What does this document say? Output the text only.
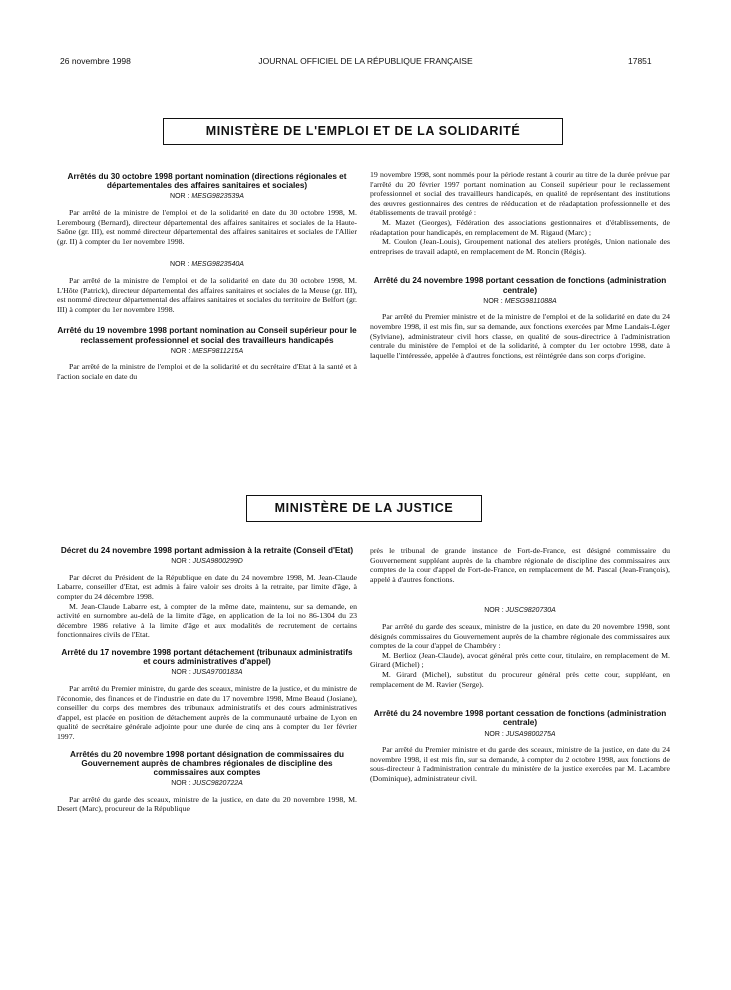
26 novembre 1998	JOURNAL OFFICIEL DE LA RÉPUBLIQUE FRANÇAISE	17851
MINISTÈRE DE L'EMPLOI ET DE LA SOLIDARITÉ
Arrêtés du 30 octobre 1998 portant nomination (directions régionales et départementales des affaires sanitaires et sociales)
NOR : MESG9823539A

Par arrêté de la ministre de l'emploi et de la solidarité en date du 30 octobre 1998, M. Lerembourg (Bernard), directeur départemental des affaires sanitaires et sociales de la Haute-Saône (gr. III), est nommé directeur départemental des affaires sanitaires et sociales de l'Allier (gr. II) à compter du 1er novembre 1998.

NOR : MESG9823540A

Par arrêté de la ministre de l'emploi et de la solidarité en date du 30 octobre 1998, M. L'Hôte (Patrick), directeur départemental des affaires sanitaires et sociales de la Meuse (gr. III), est nommé directeur départemental des affaires sanitaires et sociales du territoire de Belfort (gr. III) à compter du 1er novembre 1998.

Arrêté du 19 novembre 1998 portant nomination au Conseil supérieur pour le reclassement professionnel et social des travailleurs handicapés
NOR : MESF9811215A

Par arrêté de la ministre de l'emploi et de la solidarité et du secrétaire d'Etat à la santé et à l'action sociale en date du

19 novembre 1998, sont nommés pour la période restant à courir au titre de la durée prévue par l'arrêté du 20 février 1997 portant nomination au Conseil supérieur pour le reclassement professionnel et social des travailleurs handicapés, en qualité de représentant des institutions des œuvres gestionnaires des centres de rééducation et de réadaptation professionnelle et des établissements de travail protégé :

M. Mazet (Georges), Fédération des associations gestionnaires et d'établissements, de réadaptation pour handicapés, en remplacement de M. Rigaud (Marc) ;

M. Coulon (Jean-Louis), Groupement national des ateliers protégés, Union nationale des entreprises de travail adapté, en remplacement de M. Roncin (Régis).

Arrêté du 24 novembre 1998 portant cessation de fonctions (administration centrale)
NOR : MESG9811088A

Par arrêté du Premier ministre et de la ministre de l'emploi et de la solidarité en date du 24 novembre 1998, il est mis fin, sur sa demande, aux fonctions exercées par Mme Landais-Léger (Sylviane), administrateur civil hors classe, en qualité de sous-directrice à l'administration centrale du ministère de l'emploi et de la solidarité, à compter du 1er octobre 1998, date à laquelle l'intéressée, appelée à d'autres fonctions, est réintégrée dans son corps d'origine.

MINISTÈRE DE LA JUSTICE
Décret du 24 novembre 1998 portant admission à la retraite (Conseil d'Etat)
NOR : JUSA9800299D

Par décret du Président de la République en date du 24 novembre 1998, M. Jean-Claude Labarre, conseiller d'Etat, est admis à faire valoir ses droits à la retraite, par limite d'âge, à compter du 24 décembre 1998.

M. Jean-Claude Labarre est, à compter de la même date, maintenu, sur sa demande, en activité en surnombre au-delà de la limite d'âge, en application de la loi no 86-1304 du 23 décembre 1986 relative à la limite d'âge et aux modalités de recrutement de certains fonctionnaires civils de l'Etat.

Arrêté du 17 novembre 1998 portant détachement (tribunaux administratifs et cours administratives d'appel)
NOR : JUSA9700183A

Par arrêté du Premier ministre, du garde des sceaux, ministre de la justice, et du ministre de l'économie, des finances et de l'industrie en date du 17 novembre 1998, Mme Beaud (Josiane), conseiller du corps des membres des tribunaux administratifs et des cours administratives d'appel, est placée en position de détachement auprès de la communauté urbaine de Lyon en qualité de secrétaire générale adjointe pour une durée de cinq ans à compter du 1er février 1997.

Arrêtés du 20 novembre 1998 portant désignation de commissaires du Gouvernement auprès de chambres régionales de discipline des commissaires aux comptes
NOR : JUSC9820722A

Par arrêté du garde des sceaux, ministre de la justice, en date du 20 novembre 1998, M. Desert (Marc), procureur de la République

près le tribunal de grande instance de Fort-de-France, est désigné commissaire du Gouvernement suppléant auprès de la chambre régionale de discipline des commissaires aux comptes de la cour d'appel de Fort-de-France, en remplacement de M. Pascal (Jean-François), appelé à d'autres fonctions.

NOR : JUSC9820730A

Par arrêté du garde des sceaux, ministre de la justice, en date du 20 novembre 1998, sont désignés commissaires du Gouvernement auprès de la chambre régionale des commissaires aux comptes de la cour d'appel de Chambéry :

M. Berlioz (Jean-Claude), avocat général près cette cour, titulaire, en remplacement de M. Girard (Michel) ;

M. Girard (Michel), substitut du procureur général près cette cour, suppléant, en remplacement de M. Ravier (Serge).

Arrêté du 24 novembre 1998 portant cessation de fonctions (administration centrale)
NOR : JUSA9800275A

Par arrêté du Premier ministre et du garde des sceaux, ministre de la justice, en date du 24 novembre 1998, il est mis fin, sur sa demande, à compter du 2 octobre 1998, aux fonctions de sous-directeur à l'administration centrale du ministère de la justice exercées par M. Lacambre (Dominique), administrateur civil.
